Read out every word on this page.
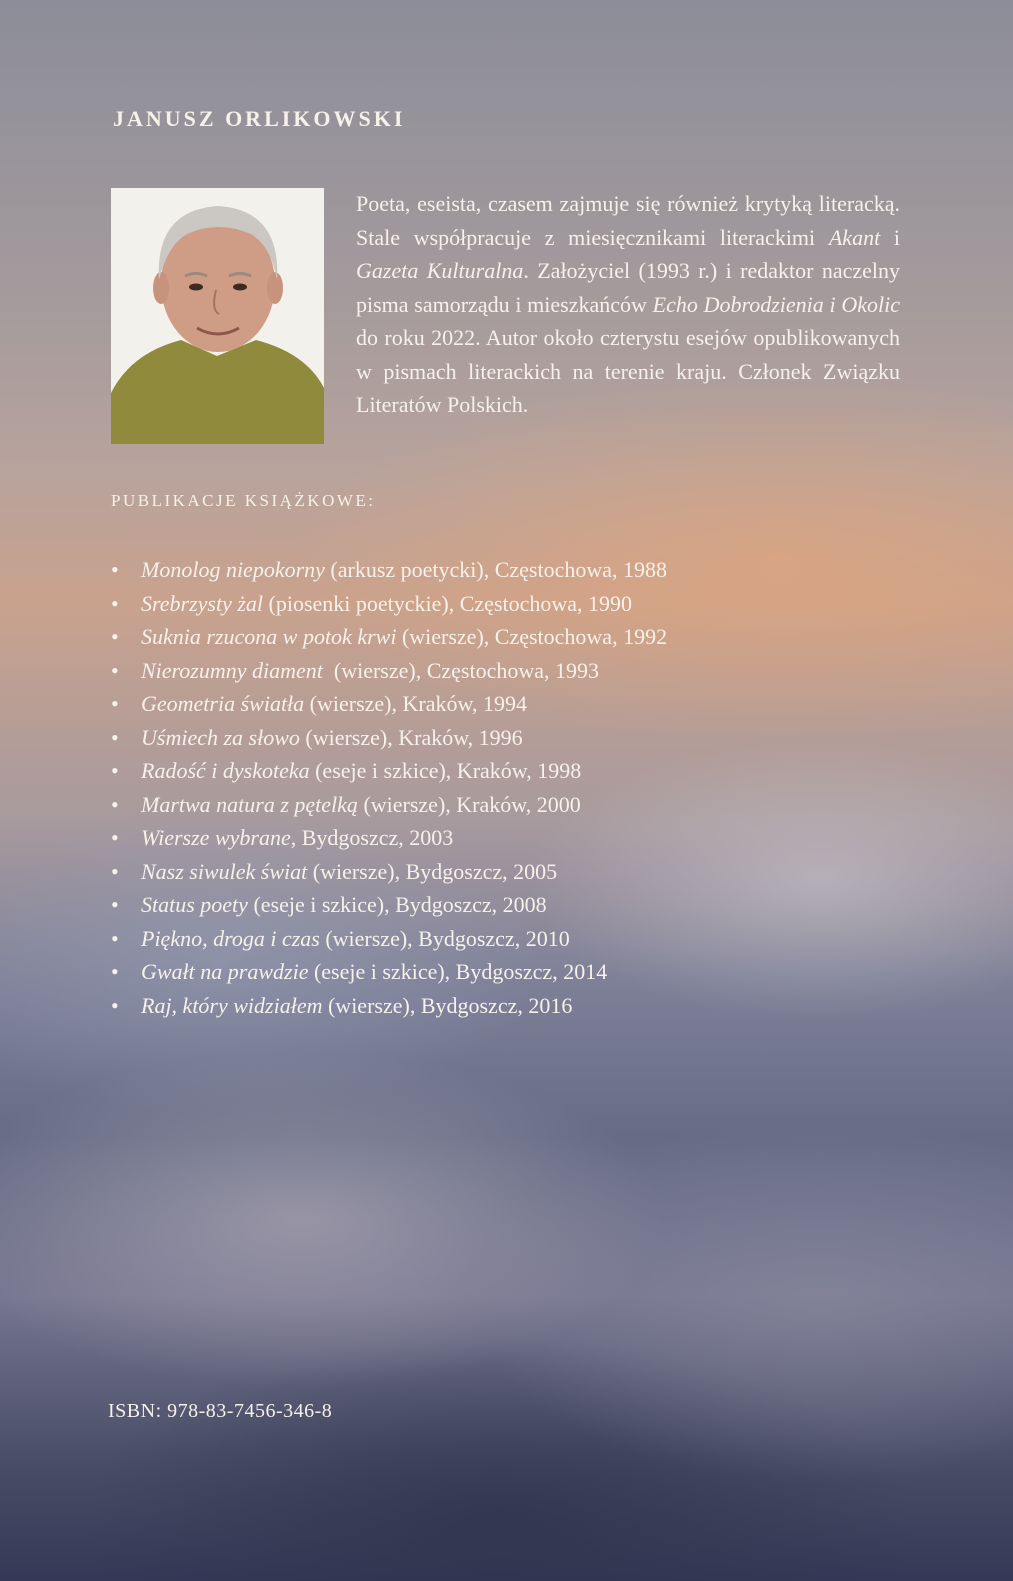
JANUSZ ORLIKOWSKI

Poeta, eseista, czasem zajmuje się również krytyką literacką. Stale współpracuje z miesięcznikami literackimi Akant i Gazeta Kulturalna. Założyciel (1993 r.) i redaktor naczelny pisma samorządu i mieszkańców Echo Dobrodzienia i Okolic do roku 2022. Autor około czterystu esejów opublikowanych w pismach literackich na terenie kraju. Członek Związku Literatów Polskich.

PUBLIKACJE KSIĄŻKOWE:
• Monolog niepokorny (arkusz poetycki), Częstochowa, 1988
• Srebrzysty żal (piosenki poetyckie), Częstochowa, 1990
• Suknia rzucona w potok krwi (wiersze), Częstochowa, 1992
• Nierozumny diament  (wiersze), Częstochowa, 1993
• Geometria światła (wiersze), Kraków, 1994
• Uśmiech za słowo (wiersze), Kraków, 1996
• Radość i dyskoteka (eseje i szkice), Kraków, 1998
• Martwa natura z pętelką (wiersze), Kraków, 2000
• Wiersze wybrane, Bydgoszcz, 2003
• Nasz siwulek świat (wiersze), Bydgoszcz, 2005
• Status poety (eseje i szkice), Bydgoszcz, 2008
• Piękno, droga i czas (wiersze), Bydgoszcz, 2010
• Gwałt na prawdzie (eseje i szkice), Bydgoszcz, 2014
• Raj, który widziałem (wiersze), Bydgoszcz, 2016

ISBN: 978-83-7456-346-8
